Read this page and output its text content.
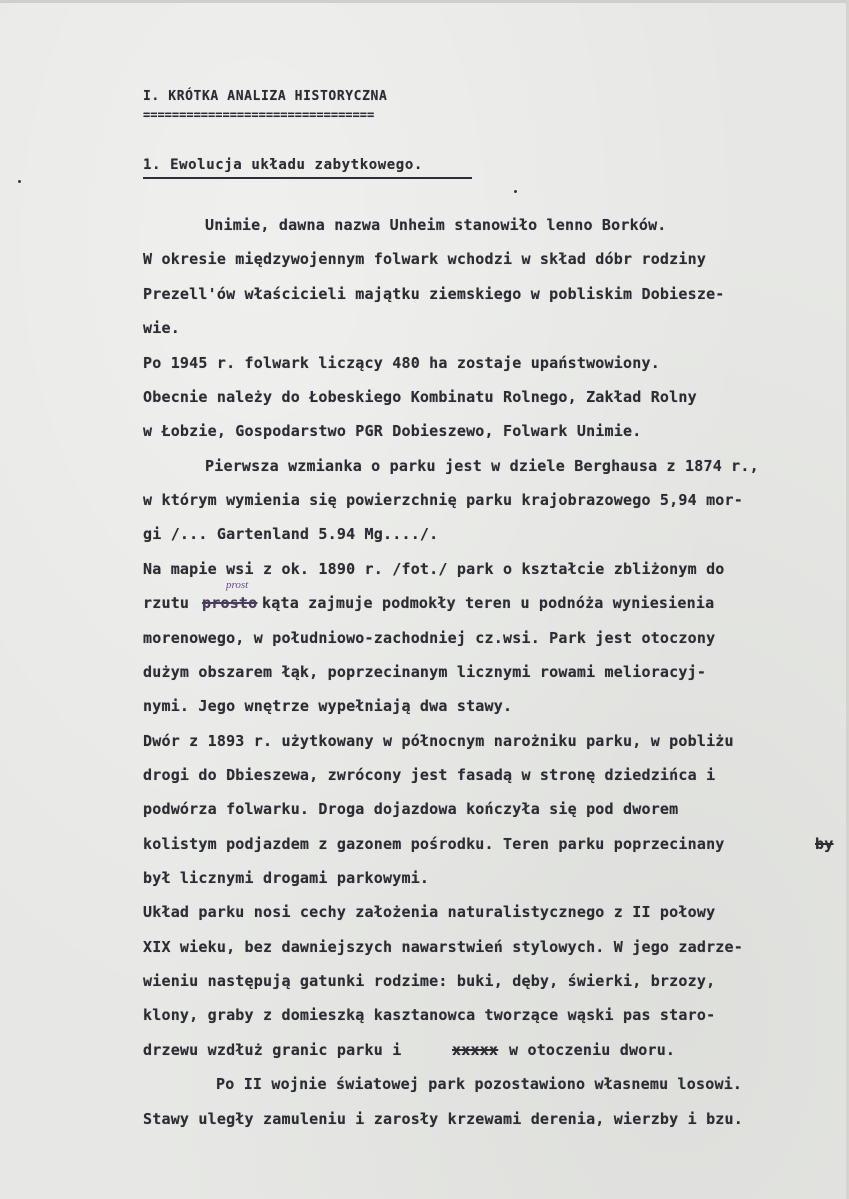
I. KRÓTKA ANALIZA HISTORYCZNA
================================
1. Ewolucja układu zabytkowego.
Unimie, dawna nazwa Unheim stanowiło lenno Borków.
W okresie międzywojennym folwark wchodzi w skład dóbr rodziny
Prezell'ów właścicieli majątku ziemskiego w pobliskim Dobiesze-
wie.
Po 1945 r. folwark liczący 480 ha zostaje upaństwowiony.
Obecnie należy do Łobeskiego Kombinatu Rolnego, Zakład Rolny
w Łobzie, Gospodarstwo PGR Dobieszewo, Folwark Unimie.
Pierwsza wzmianka o parku jest w dziele Berghausa z 1874 r.,
w którym wymienia się powierzchnię parku krajobrazowego 5,94 mor-
gi /... Gartenland 5.94 Mg..../.
Na mapie wsi z ok. 1890 r. /fot./ park o kształcie zbliżonym do
rzutu prosto
prost
kąta zajmuje podmokły teren u podnóża wyniesienia
morenowego, w południowo-zachodniej cz.wsi. Park jest otoczony
dużym obszarem łąk, poprzecinanym licznymi rowami melioracyj-
nymi. Jego wnętrze wypełniają dwa stawy.
Dwór z 1893 r. użytkowany w północnym narożniku parku, w pobliżu
drogi do Dbieszewa, zwrócony jest fasadą w stronę dziedzińca i
podwórza folwarku. Droga dojazdowa kończyła się pod dworem
kolistym podjazdem z gazonem pośrodku. Teren parku poprzecinany	by
był licznymi drogami parkowymi.
Układ parku nosi cechy założenia naturalistycznego z II połowy
XIX wieku, bez dawniejszych nawarstwień stylowych. W jego zadrze-
wieniu następują gatunki rodzime: buki, dęby, świerki, brzozy,
klony, graby z domieszką kasztanowca tworzące wąski pas staro-
drzewu wzdłuż granic parku i	xxxxx w otoczeniu dworu.
Po II wojnie światowej park pozostawiono własnemu losowi.
Stawy uległy zamuleniu i zarosły krzewami derenia, wierzby i bzu.
